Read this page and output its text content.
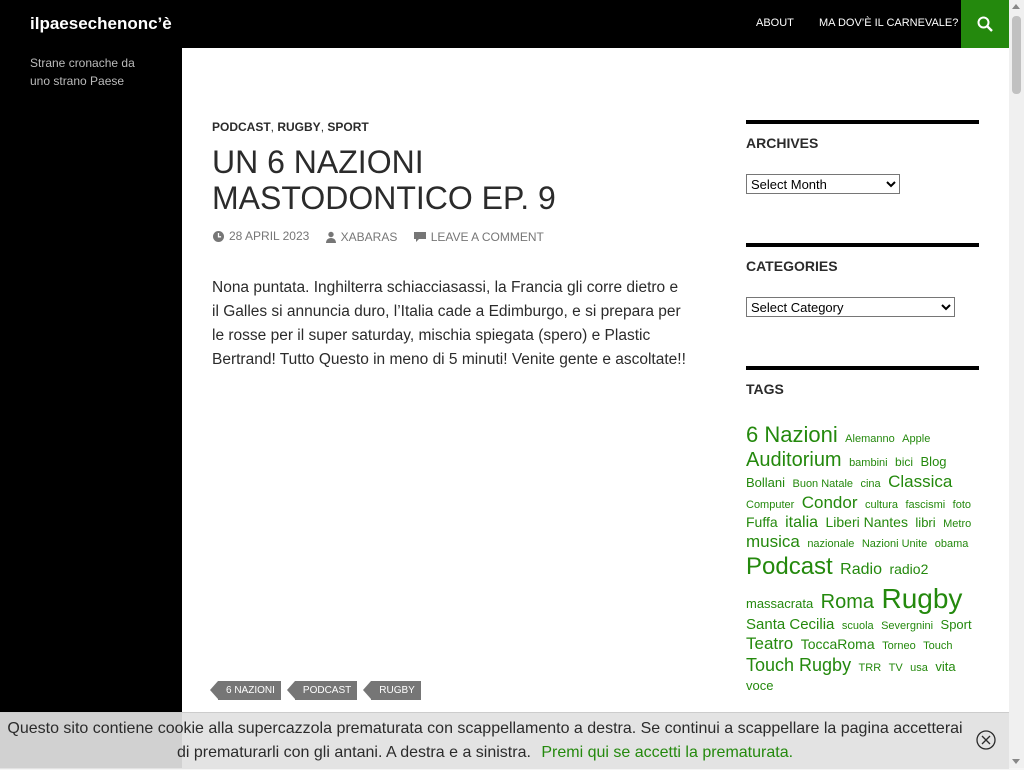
ilpaesechenonc’è	ABOUT MA DOV’È IL CARNEVALE?
Strane cronache da uno strano Paese
PODCAST, RUGBY, SPORT
UN 6 NAZIONI MASTODONTICO EP. 9
28 APRIL 2023
	XABARAS
	LEAVE A COMMENT

Nona puntata. Inghilterra schiacciasassi, la Francia gli corre dietro e il Galles si annuncia duro, l’Italia cade a Edimburgo, e si prepara per le rosse per il super saturday, mischia spiegata (spero) e Plastic Bertrand! Tutto Questo in meno di 5 minuti! Venite gente e ascoltate!!

6 NAZIONI	PODCAST	RUGBY
ARCHIVES
Select Month
CATEGORIES
Select Category
TAGS
6 Nazioni Alemanno Apple Auditorium bambini bici Blog Bollani Buon Natale cina Classica Computer Condor cultura fascismi foto Fuffa italia Liberi Nantes libri Metro musica nazionale Nazioni Unite obama Podcast Radio radio2 massacrata Roma Rugby Santa Cecilia scuola Severgnini Sport Teatro ToccaRoma Torneo Touch Touch Rugby TRR TV usa vita voce
Questo sito contiene cookie alla supercazzola prematurata con scappellamento a destra. Se continui a scappellare la pagina accetterai di prematurarli con gli antani. A destra e a sinistra. Premi qui se accetti la prematurata.
